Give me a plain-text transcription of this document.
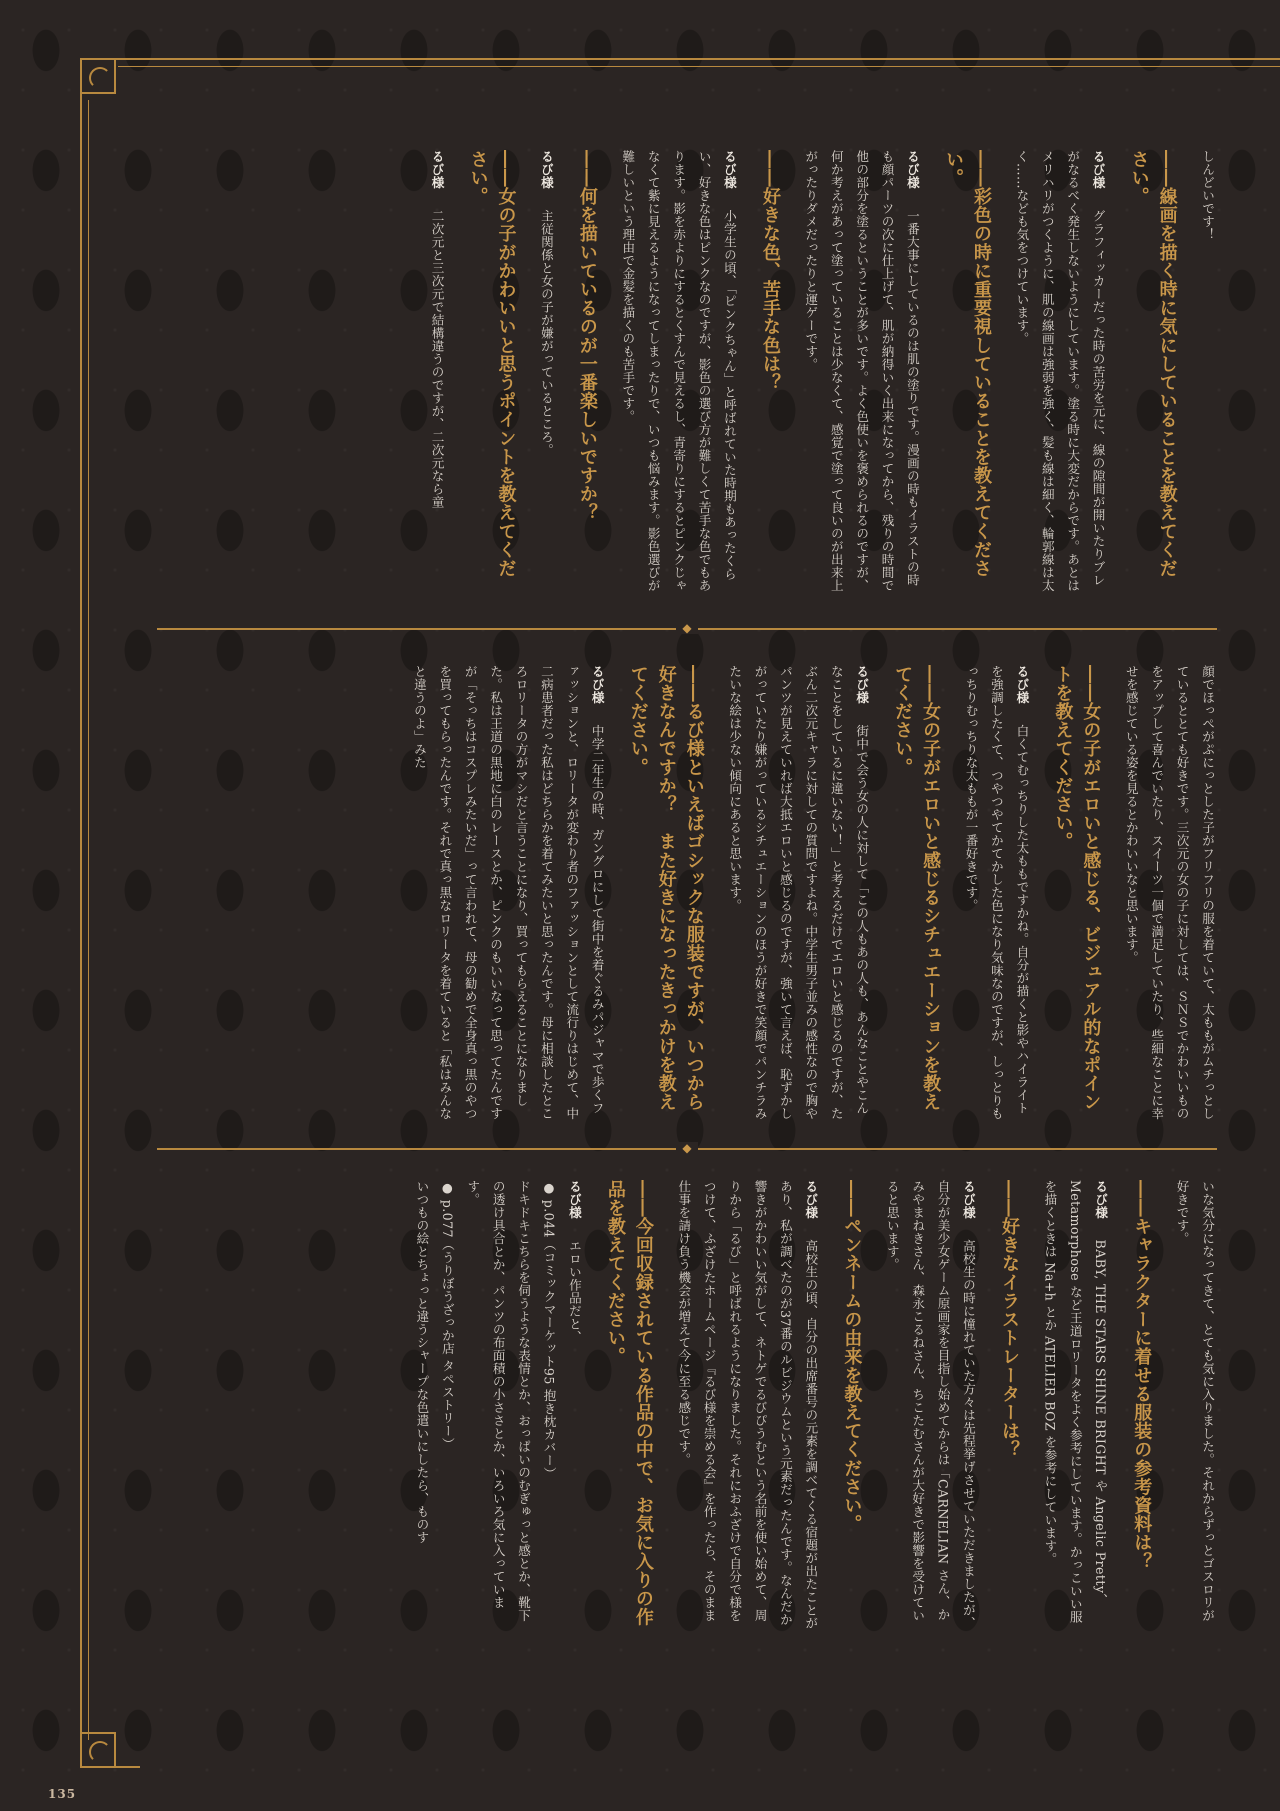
◆
◆

しんどいです！

――線画を描く時に気にしていることを教えてください。

るび様　グラフィッカーだった時の苦労を元に、線の隙間が開いたりブレがなるべく発生しないようにしています。塗る時に大変だからです。あとはメリハリがつくように、肌の線画は強弱を強く、髪も線は細く、輪郭線は太く……なども気をつけています。

――彩色の時に重要視していることを教えてください。

るび様　一番大事にしているのは肌の塗りです。漫画の時もイラストの時も顔パーツの次に仕上げて、肌が納得いく出来になってから、残りの時間で他の部分を塗るということが多いです。よく色使いを褒められるのですが、何か考えがあって塗っていることは少なくて、感覚で塗って良いのが出来上がったりダメだったりと運ゲーです。

――好きな色、苦手な色は？

るび様　小学生の頃、「ピンクちゃん」と呼ばれていた時期もあったくらい、好きな色はピンクなのですが、影色の選び方が難しくて苦手な色でもあります。影を赤よりにするとくすんで見えるし、青寄りにするとピンクじゃなくて紫に見えるようになってしまったりで、いつも悩みます。影色選びが難しいという理由で金髪を描くのも苦手です。

――何を描いているのが一番楽しいですか？

るび様　主従関係と女の子が嫌がっているところ。

――女の子がかわいいと思うポイントを教えてください。

るび様　二次元と三次元で結構違うのですが、二次元なら童

顔でほっぺがぷにっとした子がフリフリの服を着ていて、太ももがムチっとしているととても好きです。三次元の女の子に対しては、ＳＮＳでかわいいものをアップして喜んでいたり、スイーツ一個で満足していたり、些細なことに幸せを感じている姿を見るとかわいいなと思います。

――女の子がエロいと感じる、ビジュアル的なポイントを教えてください。

るび様　白くてむっちりした太ももですかね。自分が描くと影やハイライトを強調したくて、つやつやてかてかした色になり気味なのですが、しっとりもっちりむっちりな太ももが一番好きです。

――女の子がエロいと感じるシチュエーションを教えてください。

るび様　街中で会う女の人に対して「この人もあの人も、あんなことやこんなことをしているに違いない！」と考えるだけでエロいと感じるのですが、たぶん二次元キャラに対しての質問ですよね。中学生男子並みの感性なので胸やパンツが見えていれば大抵エロいと感じるのですが、強いて言えば、恥ずかしがっていたり嫌がっているシチュエーションのほうが好きで笑顔でパンチラみたいな絵は少ない傾向にあると思います。

――るび様といえばゴシックな服装ですが、いつから好きなんですか？　また好きになったきっかけを教えてください。

るび様　中学二年生の時、ガングロにして街中を着ぐるみパジャマで歩くファッションと、ロリータが変わり者のファッションとして流行りはじめて、中二病患者だった私はどちらかを着てみたいと思ったんです。母に相談したところロリータの方がマシだと言うことになり、買ってもらえることになりました。私は王道の黒地に白のレースとか、ピンクのもいいなって思ってたんですが「そっちはコスプレみたいだ」って言われて、母の勧めで全身真っ黒のやつを買ってもらったんです。それで真っ黒なロリータを着ていると「私はみんなと違うのよ」みた

いな気分になってきて、とても気に入りました。それからずっとゴスロリが好きです。

――キャラクターに着せる服装の参考資料は？

るび様　BABY, THE STARS SHINE BRIGHT や Angelic Pretty、Metamorphose など王道ロリータをよく参考にしています。かっこいい服を描くときは Na+h とか ATELIER BOZ を参考にしています。

――好きなイラストレーターは？

るび様　高校生の時に憧れていた方々は先程挙げさせていただきましたが、自分が美少女ゲーム原画家を目指し始めてからは「CARNELIAN さん、かみやまねきさん、森永こるねさん、ちこたむさんが大好きで影響を受けていると思います。

――ペンネームの由来を教えてください。

るび様　高校生の頃、自分の出席番号の元素を調べてくる宿題が出たことがあり、私が調べたのが37番のルビジウムという元素だったんです。なんだか響きがかわいい気がして、ネトゲでるびぴうむという名前を使い始めて、周りから「るび」と呼ばれるようになりました。それにおふざけで自分で様をつけて、ふざけたホームページ『るび様を崇める会』を作ったら、そのまま仕事を請け負う機会が増えて今に至る感じです。

――今回収録されている作品の中で、お気に入りの作品を教えてください。

るび様　エロい作品だと、

● p.044（コミックマーケット95 抱き枕カバー）

ドキドキこちらを伺うような表情とか、おっぱいのむぎゅっと感とか、靴下の透け具合とか、パンツの布面積の小ささとか、いろいろ気に入っています。

● p.077（うりぼうざっか店 タペストリー）

いつもの絵とちょっと違うシャープな色遣いにしたら、ものす

135
